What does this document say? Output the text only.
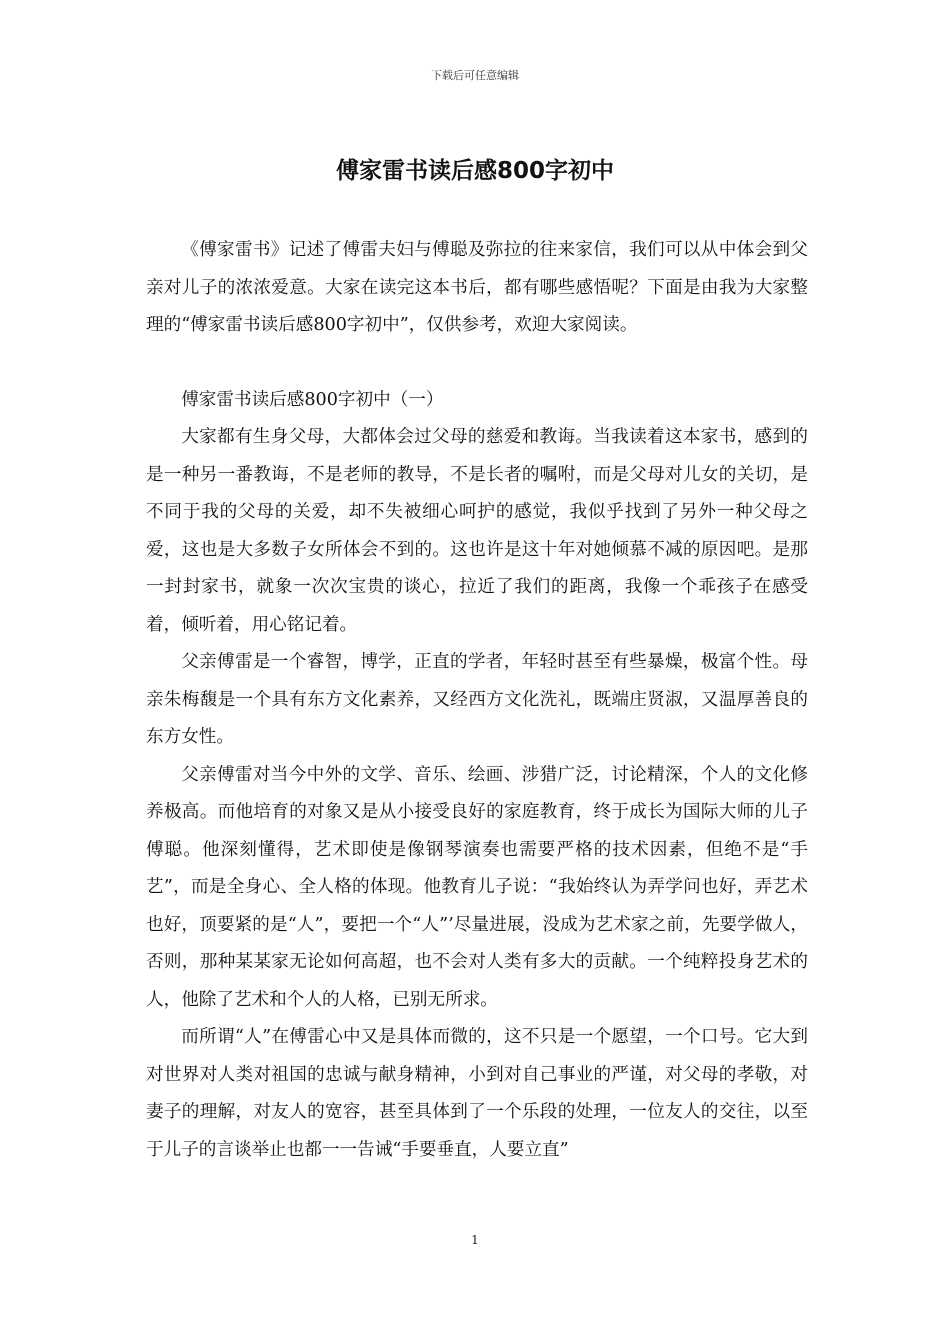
下载后可任意编辑
傅家雷书读后感800字初中

《傅家雷书》记述了傅雷夫妇与傅聪及弥拉的往来家信，我们可以从中体会到父亲对儿子的浓浓爱意。大家在读完这本书后，都有哪些感悟呢？下面是由我为大家整理的“傅家雷书读后感800字初中”，仅供参考，欢迎大家阅读。

傅家雷书读后感800字初中（一）

大家都有生身父母，大都体会过父母的慈爱和教诲。当我读着这本家书，感到的是一种另一番教诲，不是老师的教导，不是长者的嘱咐，而是父母对儿女的关切，是不同于我的父母的关爱，却不失被细心呵护的感觉，我似乎找到了另外一种父母之爱，这也是大多数子女所体会不到的。这也许是这十年对她倾慕不减的原因吧。是那一封封家书，就象一次次宝贵的谈心，拉近了我们的距离，我像一个乖孩子在感受着，倾听着，用心铭记着。

父亲傅雷是一个睿智，博学，正直的学者，年轻时甚至有些暴燥，极富个性。母亲朱梅馥是一个具有东方文化素养，又经西方文化洗礼，既端庄贤淑，又温厚善良的东方女性。

父亲傅雷对当今中外的文学、音乐、绘画、涉猎广泛，讨论精深，个人的文化修养极高。而他培育的对象又是从小接受良好的家庭教育，终于成长为国际大师的儿子傅聪。他深刻懂得，艺术即使是像钢琴演奏也需要严格的技术因素，但绝不是“手艺”，而是全身心、全人格的体现。他教育儿子说：“我始终认为弄学问也好，弄艺术也好，顶要紧的是“人”，要把一个“人”’尽量进展，没成为艺术家之前，先要学做人，否则，那种某某家无论如何高超，也不会对人类有多大的贡献。一个纯粹投身艺术的人，他除了艺术和个人的人格，已别无所求。

而所谓“人”在傅雷心中又是具体而微的，这不只是一个愿望，一个口号。它大到对世界对人类对祖国的忠诚与献身精神，小到对自己事业的严谨，对父母的孝敬，对妻子的理解，对友人的宽容，甚至具体到了一个乐段的处理，一位友人的交往，以至于儿子的言谈举止也都一一告诫“手要垂直，人要立直”

1
